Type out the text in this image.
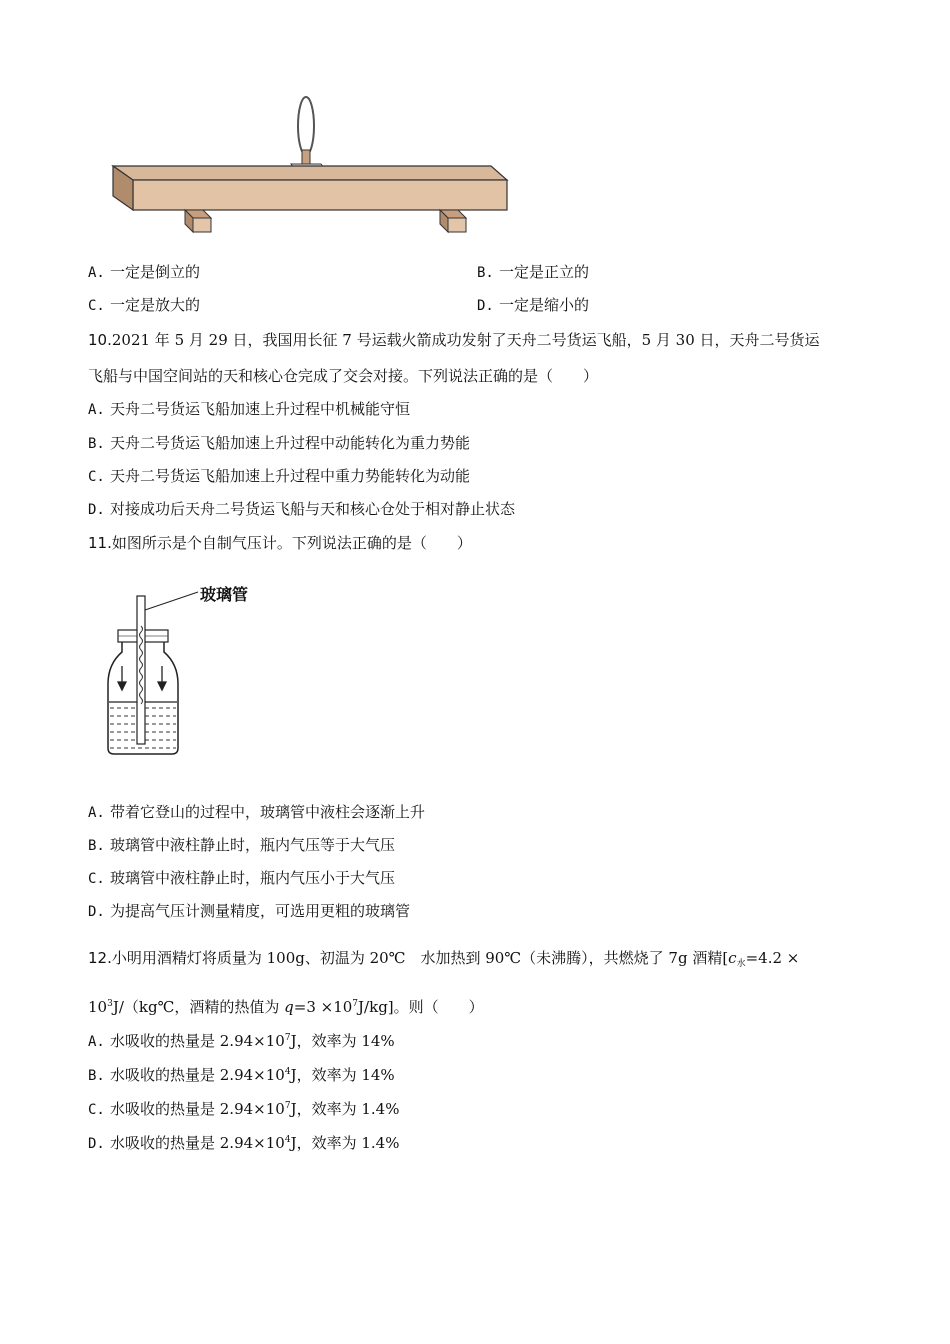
A. 一定是倒立的	B. 一定是正立的
C. 一定是放大的	D. 一定是缩小的
10.2021 年 5 月 29 日，我国用长征 7 号运载火箭成功发射了天舟二号货运飞船，5 月 30 日，天舟二号货运
飞船与中国空间站的天和核心仓完成了交会对接。下列说法正确的是（　　）
A. 天舟二号货运飞船加速上升过程中机械能守恒
B. 天舟二号货运飞船加速上升过程中动能转化为重力势能
C. 天舟二号货运飞船加速上升过程中重力势能转化为动能
D. 对接成功后天舟二号货运飞船与天和核心仓处于相对静止状态
11.如图所示是个自制气压计。下列说法正确的是（　　）
玻璃管
A. 带着它登山的过程中，玻璃管中液柱会逐渐上升
B. 玻璃管中液柱静止时，瓶内气压等于大气压
C. 玻璃管中液柱静止时，瓶内气压小于大气压
D. 为提高气压计测量精度，可选用更粗的玻璃管
12.小明用酒精灯将质量为 100g、初温为 20℃　水加热到 90℃（未沸腾），共燃烧了 7g 酒精[$c_水=4.2$ ×
$10^3J/(kg℃$，酒精的热值为 $q=3 \times 10^7J/kg$]。则（　　）
A. 水吸收的热量是 $2.94\times 10^7J$，效率为 14%
B. 水吸收的热量是 $2.94\times 10^4J$，效率为 14%
C. 水吸收的热量是 $2.94\times 10^7J$，效率为 1.4%
D. 水吸收的热量是 $2.94\times 10^4J$，效率为 1.4%
